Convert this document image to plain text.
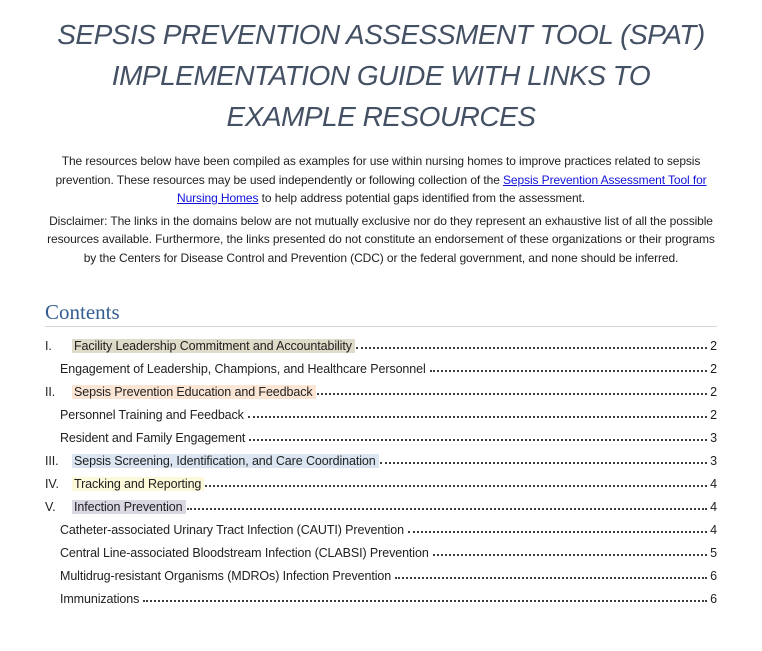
SEPSIS PREVENTION ASSESSMENT TOOL (SPAT) IMPLEMENTATION GUIDE WITH LINKS TO EXAMPLE RESOURCES

The resources below have been compiled as examples for use within nursing homes to improve practices related to sepsis prevention. These resources may be used independently or following collection of the Sepsis Prevention Assessment Tool for Nursing Homes to help address potential gaps identified from the assessment.

Disclaimer: The links in the domains below are not mutually exclusive nor do they represent an exhaustive list of all the possible resources available. Furthermore, the links presented do not constitute an endorsement of these organizations or their programs by the Centers for Disease Control and Prevention (CDC) or the federal government, and none should be inferred.

Contents
I.	Facility Leadership Commitment and Accountability	2
Engagement of Leadership, Champions, and Healthcare Personnel	2
II.	Sepsis Prevention Education and Feedback	2
Personnel Training and Feedback	2
Resident and Family Engagement	3
III.	Sepsis Screening, Identification, and Care Coordination	3
IV.	Tracking and Reporting	4
V.	Infection Prevention	4
Catheter-associated Urinary Tract Infection (CAUTI) Prevention	4
Central Line-associated Bloodstream Infection (CLABSI) Prevention	5
Multidrug-resistant Organisms (MDROs) Infection Prevention	6
Immunizations	6
